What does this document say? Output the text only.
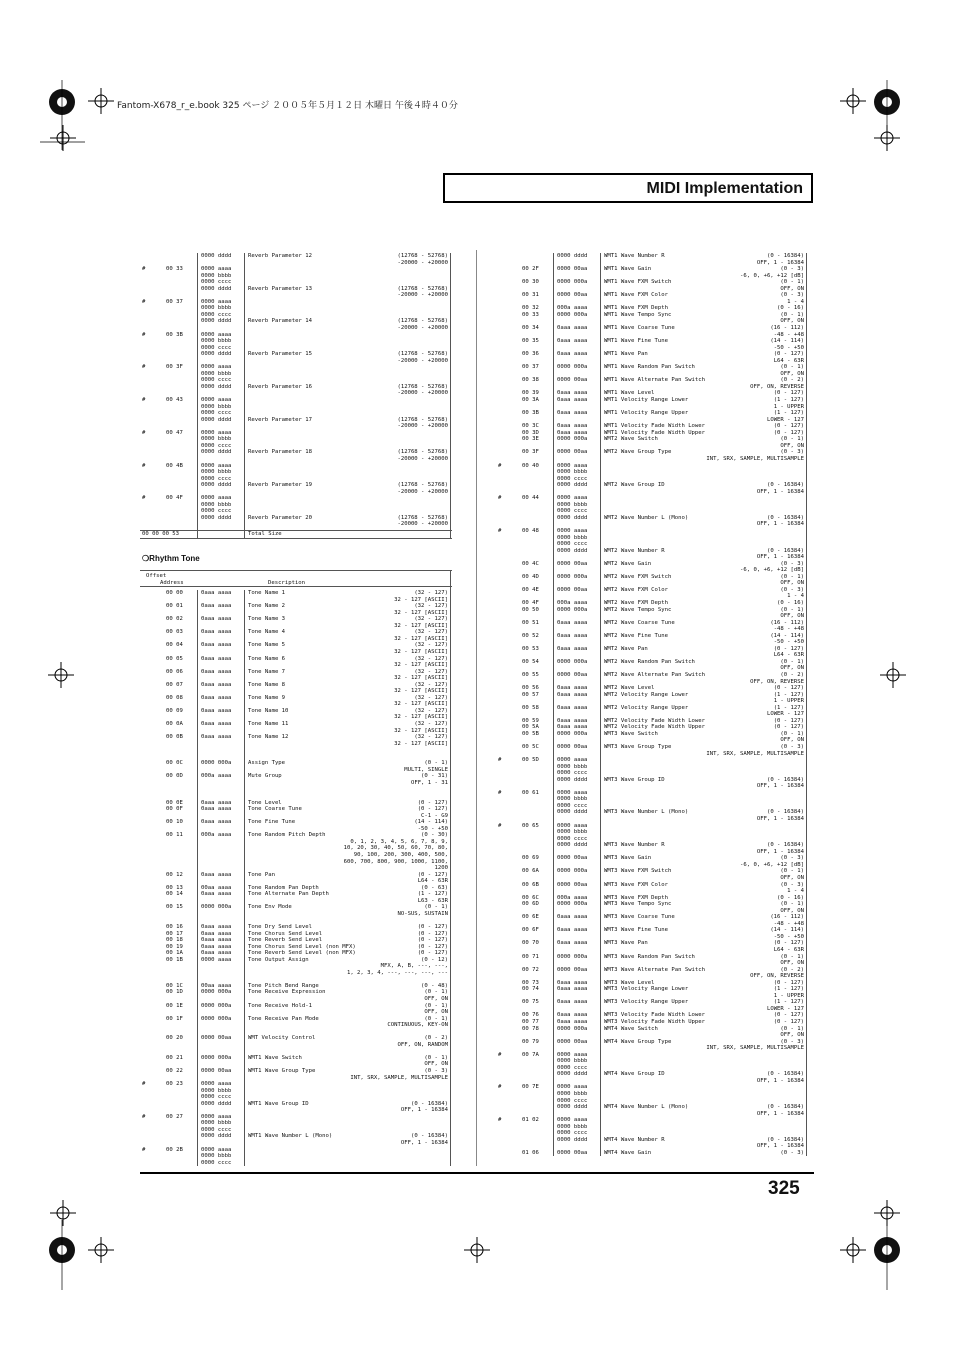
Fantom-X678_r_e.book 325 ページ ２００５年５月１２日 木曜日 午後４時４０分
MIDI Implementation
0000 dddd	Reverb Parameter 12	(12768 - 52768)
-20000 - +20000
#	00 33	0000 aaaa
0000 bbbb
0000 cccc
0000 dddd	Reverb Parameter 13	(12768 - 52768)
-20000 - +20000
#	00 37	0000 aaaa
0000 bbbb
0000 cccc
0000 dddd	Reverb Parameter 14	(12768 - 52768)
-20000 - +20000
#	00 3B	0000 aaaa
0000 bbbb
0000 cccc
0000 dddd	Reverb Parameter 15	(12768 - 52768)
-20000 - +20000
#	00 3F	0000 aaaa
0000 bbbb
0000 cccc
0000 dddd	Reverb Parameter 16	(12768 - 52768)
-20000 - +20000
#	00 43	0000 aaaa
0000 bbbb
0000 cccc
0000 dddd	Reverb Parameter 17	(12768 - 52768)
-20000 - +20000
#	00 47	0000 aaaa
0000 bbbb
0000 cccc
0000 dddd	Reverb Parameter 18	(12768 - 52768)
-20000 - +20000
#	00 4B	0000 aaaa
0000 bbbb
0000 cccc
0000 dddd	Reverb Parameter 19	(12768 - 52768)
-20000 - +20000
#	00 4F	0000 aaaa
0000 bbbb
0000 cccc
0000 dddd	Reverb Parameter 20	(12768 - 52768)
-20000 - +20000
00 00 00 53	Total Size
❍Rhythm Tone
Offset
Address	Description
00 00	0aaa aaaa	Tone Name 1	(32 - 127)
32 - 127 [ASCII]
00 01	0aaa aaaa	Tone Name 2	(32 - 127)
32 - 127 [ASCII]
00 02	0aaa aaaa	Tone Name 3	(32 - 127)
32 - 127 [ASCII]
00 03	0aaa aaaa	Tone Name 4	(32 - 127)
32 - 127 [ASCII]
00 04	0aaa aaaa	Tone Name 5	(32 - 127)
32 - 127 [ASCII]
00 05	0aaa aaaa	Tone Name 6	(32 - 127)
32 - 127 [ASCII]
00 06	0aaa aaaa	Tone Name 7	(32 - 127)
32 - 127 [ASCII]
00 07	0aaa aaaa	Tone Name 8	(32 - 127)
32 - 127 [ASCII]
00 08	0aaa aaaa	Tone Name 9	(32 - 127)
32 - 127 [ASCII]
00 09	0aaa aaaa	Tone Name 10	(32 - 127)
32 - 127 [ASCII]
00 0A	0aaa aaaa	Tone Name 11	(32 - 127)
32 - 127 [ASCII]
00 0B	0aaa aaaa	Tone Name 12	(32 - 127)
32 - 127 [ASCII]
00 0C	0000 000a	Assign Type	(0 - 1)
MULTI, SINGLE
00 0D	000a aaaa	Mute Group	(0 - 31)
OFF, 1 - 31
00 0E	0aaa aaaa	Tone Level	(0 - 127)
00 0F	0aaa aaaa	Tone Coarse Tune	(0 - 127)
C-1 - G9
00 10	0aaa aaaa	Tone Fine Tune	(14 - 114)
-50 - +50
00 11	000a aaaa	Tone Random Pitch Depth	(0 - 30)
0, 1, 2, 3, 4, 5, 6, 7, 8, 9,
10, 20, 30, 40, 50, 60, 70, 80,
90, 100, 200, 300, 400, 500,
600, 700, 800, 900, 1000, 1100,
1200
00 12	0aaa aaaa	Tone Pan	(0 - 127)
L64 - 63R
00 13	00aa aaaa	Tone Random Pan Depth	(0 - 63)
00 14	0aaa aaaa	Tone Alternate Pan Depth	(1 - 127)
L63 - 63R
00 15	0000 000a	Tone Env Mode	(0 - 1)
NO-SUS, SUSTAIN
00 16	0aaa aaaa	Tone Dry Send Level	(0 - 127)
00 17	0aaa aaaa	Tone Chorus Send Level	(0 - 127)
00 18	0aaa aaaa	Tone Reverb Send Level	(0 - 127)
00 19	0aaa aaaa	Tone Chorus Send Level (non MFX)	(0 - 127)
00 1A	0aaa aaaa	Tone Reverb Send Level (non MFX)	(0 - 127)
00 1B	0000 aaaa	Tone Output Assign	(0 - 12)
MFX, A, B, ---, ---,
1, 2, 3, 4, ---, ---, ---, ---
00 1C	00aa aaaa	Tone Pitch Bend Range	(0 - 48)
00 1D	0000 000a	Tone Receive Expression	(0 - 1)
OFF, ON
00 1E	0000 000a	Tone Receive Hold-1	(0 - 1)
OFF, ON
00 1F	0000 000a	Tone Receive Pan Mode	(0 - 1)
CONTINUOUS, KEY-ON
00 20	0000 00aa	WMT Velocity Control	(0 - 2)
OFF, ON, RANDOM
00 21	0000 000a	WMT1 Wave Switch	(0 - 1)
OFF, ON
00 22	0000 00aa	WMT1 Wave Group Type	(0 - 3)
INT, SRX, SAMPLE, MULTISAMPLE
#	00 23	0000 aaaa
0000 bbbb
0000 cccc
0000 dddd	WMT1 Wave Group ID	(0 - 16384)
OFF, 1 - 16384
#	00 27	0000 aaaa
0000 bbbb
0000 cccc
0000 dddd	WMT1 Wave Number L (Mono)	(0 - 16384)
OFF, 1 - 16384
#	00 2B	0000 aaaa
0000 bbbb
0000 cccc
0000 dddd	WMT1 Wave Number R	(0 - 16384)
OFF, 1 - 16384
00 2F	0000 00aa	WMT1 Wave Gain	(0 - 3)
-6, 0, +6, +12 [dB]
00 30	0000 000a	WMT1 Wave FXM Switch	(0 - 1)
OFF, ON
00 31	0000 00aa	WMT1 Wave FXM Color	(0 - 3)
1 - 4
00 32	000a aaaa	WMT1 Wave FXM Depth	(0 - 16)
00 33	0000 000a	WMT1 Wave Tempo Sync	(0 - 1)
OFF, ON
00 34	0aaa aaaa	WMT1 Wave Coarse Tune	(16 - 112)
-48 - +48
00 35	0aaa aaaa	WMT1 Wave Fine Tune	(14 - 114)
-50 - +50
00 36	0aaa aaaa	WMT1 Wave Pan	(0 - 127)
L64 - 63R
00 37	0000 000a	WMT1 Wave Random Pan Switch	(0 - 1)
OFF, ON
00 38	0000 00aa	WMT1 Wave Alternate Pan Switch	(0 - 2)
OFF, ON, REVERSE
00 39	0aaa aaaa	WMT1 Wave Level	(0 - 127)
00 3A	0aaa aaaa	WMT1 Velocity Range Lower	(1 - 127)
1 - UPPER
00 3B	0aaa aaaa	WMT1 Velocity Range Upper	(1 - 127)
LOWER - 127
00 3C	0aaa aaaa	WMT1 Velocity Fade Width Lower	(0 - 127)
00 3D	0aaa aaaa	WMT1 Velocity Fade Width Upper	(0 - 127)
00 3E	0000 000a	WMT2 Wave Switch	(0 - 1)
OFF, ON
00 3F	0000 00aa	WMT2 Wave Group Type	(0 - 3)
INT, SRX, SAMPLE, MULTISAMPLE
#	00 40	0000 aaaa
0000 bbbb
0000 cccc
0000 dddd	WMT2 Wave Group ID	(0 - 16384)
OFF, 1 - 16384
#	00 44	0000 aaaa
0000 bbbb
0000 cccc
0000 dddd	WMT2 Wave Number L (Mono)	(0 - 16384)
OFF, 1 - 16384
#	00 48	0000 aaaa
0000 bbbb
0000 cccc
0000 dddd	WMT2 Wave Number R	(0 - 16384)
OFF, 1 - 16384
00 4C	0000 00aa	WMT2 Wave Gain	(0 - 3)
-6, 0, +6, +12 [dB]
00 4D	0000 000a	WMT2 Wave FXM Switch	(0 - 1)
OFF, ON
00 4E	0000 00aa	WMT2 Wave FXM Color	(0 - 3)
1 - 4
00 4F	000a aaaa	WMT2 Wave FXM Depth	(0 - 16)
00 50	0000 000a	WMT2 Wave Tempo Sync	(0 - 1)
OFF, ON
00 51	0aaa aaaa	WMT2 Wave Coarse Tune	(16 - 112)
-48 - +48
00 52	0aaa aaaa	WMT2 Wave Fine Tune	(14 - 114)
-50 - +50
00 53	0aaa aaaa	WMT2 Wave Pan	(0 - 127)
L64 - 63R
00 54	0000 000a	WMT2 Wave Random Pan Switch	(0 - 1)
OFF, ON
00 55	0000 00aa	WMT2 Wave Alternate Pan Switch	(0 - 2)
OFF, ON, REVERSE
00 56	0aaa aaaa	WMT2 Wave Level	(0 - 127)
00 57	0aaa aaaa	WMT2 Velocity Range Lower	(1 - 127)
1 - UPPER
00 58	0aaa aaaa	WMT2 Velocity Range Upper	(1 - 127)
LOWER - 127
00 59	0aaa aaaa	WMT2 Velocity Fade Width Lower	(0 - 127)
00 5A	0aaa aaaa	WMT2 Velocity Fade Width Upper	(0 - 127)
00 5B	0000 000a	WMT3 Wave Switch	(0 - 1)
OFF, ON
00 5C	0000 00aa	WMT3 Wave Group Type	(0 - 3)
INT, SRX, SAMPLE, MULTISAMPLE
#	00 5D	0000 aaaa
0000 bbbb
0000 cccc
0000 dddd	WMT3 Wave Group ID	(0 - 16384)
OFF, 1 - 16384
#	00 61	0000 aaaa
0000 bbbb
0000 cccc
0000 dddd	WMT3 Wave Number L (Mono)	(0 - 16384)
OFF, 1 - 16384
#	00 65	0000 aaaa
0000 bbbb
0000 cccc
0000 dddd	WMT3 Wave Number R	(0 - 16384)
OFF, 1 - 16384
00 69	0000 00aa	WMT3 Wave Gain	(0 - 3)
-6, 0, +6, +12 [dB]
00 6A	0000 000a	WMT3 Wave FXM Switch	(0 - 1)
OFF, ON
00 6B	0000 00aa	WMT3 Wave FXM Color	(0 - 3)
1 - 4
00 6C	000a aaaa	WMT3 Wave FXM Depth	(0 - 16)
00 6D	0000 000a	WMT3 Wave Tempo Sync	(0 - 1)
OFF, ON
00 6E	0aaa aaaa	WMT3 Wave Coarse Tune	(16 - 112)
-48 - +48
00 6F	0aaa aaaa	WMT3 Wave Fine Tune	(14 - 114)
-50 - +50
00 70	0aaa aaaa	WMT3 Wave Pan	(0 - 127)
L64 - 63R
00 71	0000 000a	WMT3 Wave Random Pan Switch	(0 - 1)
OFF, ON
00 72	0000 00aa	WMT3 Wave Alternate Pan Switch	(0 - 2)
OFF, ON, REVERSE
00 73	0aaa aaaa	WMT3 Wave Level	(0 - 127)
00 74	0aaa aaaa	WMT3 Velocity Range Lower	(1 - 127)
1 - UPPER
00 75	0aaa aaaa	WMT3 Velocity Range Upper	(1 - 127)
LOWER - 127
00 76	0aaa aaaa	WMT3 Velocity Fade Width Lower	(0 - 127)
00 77	0aaa aaaa	WMT3 Velocity Fade Width Upper	(0 - 127)
00 78	0000 000a	WMT4 Wave Switch	(0 - 1)
OFF, ON
00 79	0000 00aa	WMT4 Wave Group Type	(0 - 3)
INT, SRX, SAMPLE, MULTISAMPLE
#	00 7A	0000 aaaa
0000 bbbb
0000 cccc
0000 dddd	WMT4 Wave Group ID	(0 - 16384)
OFF, 1 - 16384
#	00 7E	0000 aaaa
0000 bbbb
0000 cccc
0000 dddd	WMT4 Wave Number L (Mono)	(0 - 16384)
OFF, 1 - 16384
#	01 02	0000 aaaa
0000 bbbb
0000 cccc
0000 dddd	WMT4 Wave Number R	(0 - 16384)
OFF, 1 - 16384
01 06	0000 00aa	WMT4 Wave Gain	(0 - 3)
325
